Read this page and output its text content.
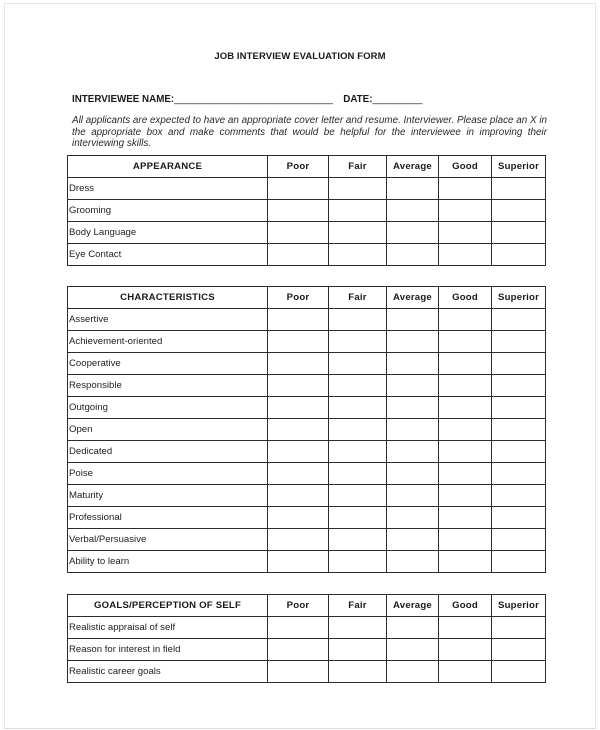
JOB INTERVIEW EVALUATION FORM
INTERVIEWEE NAME:________________________________ DATE:__________
All applicants are expected to have an appropriate cover letter and resume. Interviewer. Please place an X in the appropriate box and make comments that would be helpful for the interviewee in improving their interviewing skills.
APPEARANCE	Poor	Fair	Average	Good	Superior
Dress					
Grooming					
Body Language					
Eye Contact					
CHARACTERISTICS	Poor	Fair	Average	Good	Superior
Assertive					
Achievement-oriented					
Cooperative					
Responsible					
Outgoing					
Open					
Dedicated					
Poise					
Maturity					
Professional					
Verbal/Persuasive					
Ability to learn					
GOALS/PERCEPTION OF SELF	Poor	Fair	Average	Good	Superior
Realistic appraisal of self					
Reason for interest in field					
Realistic career goals					
